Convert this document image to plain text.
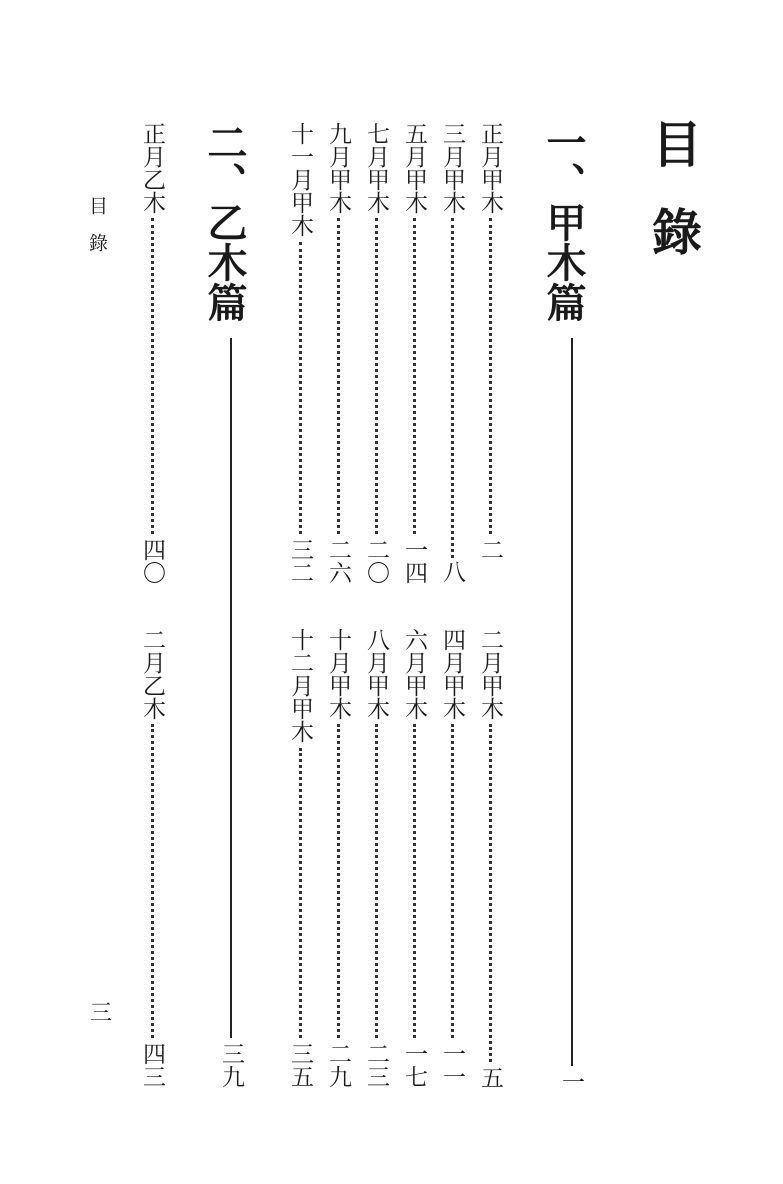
目錄
一、甲木篇
一
正月甲木
二
三月甲木
八
五月甲木
一四
七月甲木
二〇
九月甲木
二六
十一月甲木
三二
二月甲木
五
四月甲木
一一
六月甲木
一七
八月甲木
二三
十月甲木
二九
十二月甲木
三五
二、乙木篇
三九
正月乙木
四〇
二月乙木
四三
目錄
三
